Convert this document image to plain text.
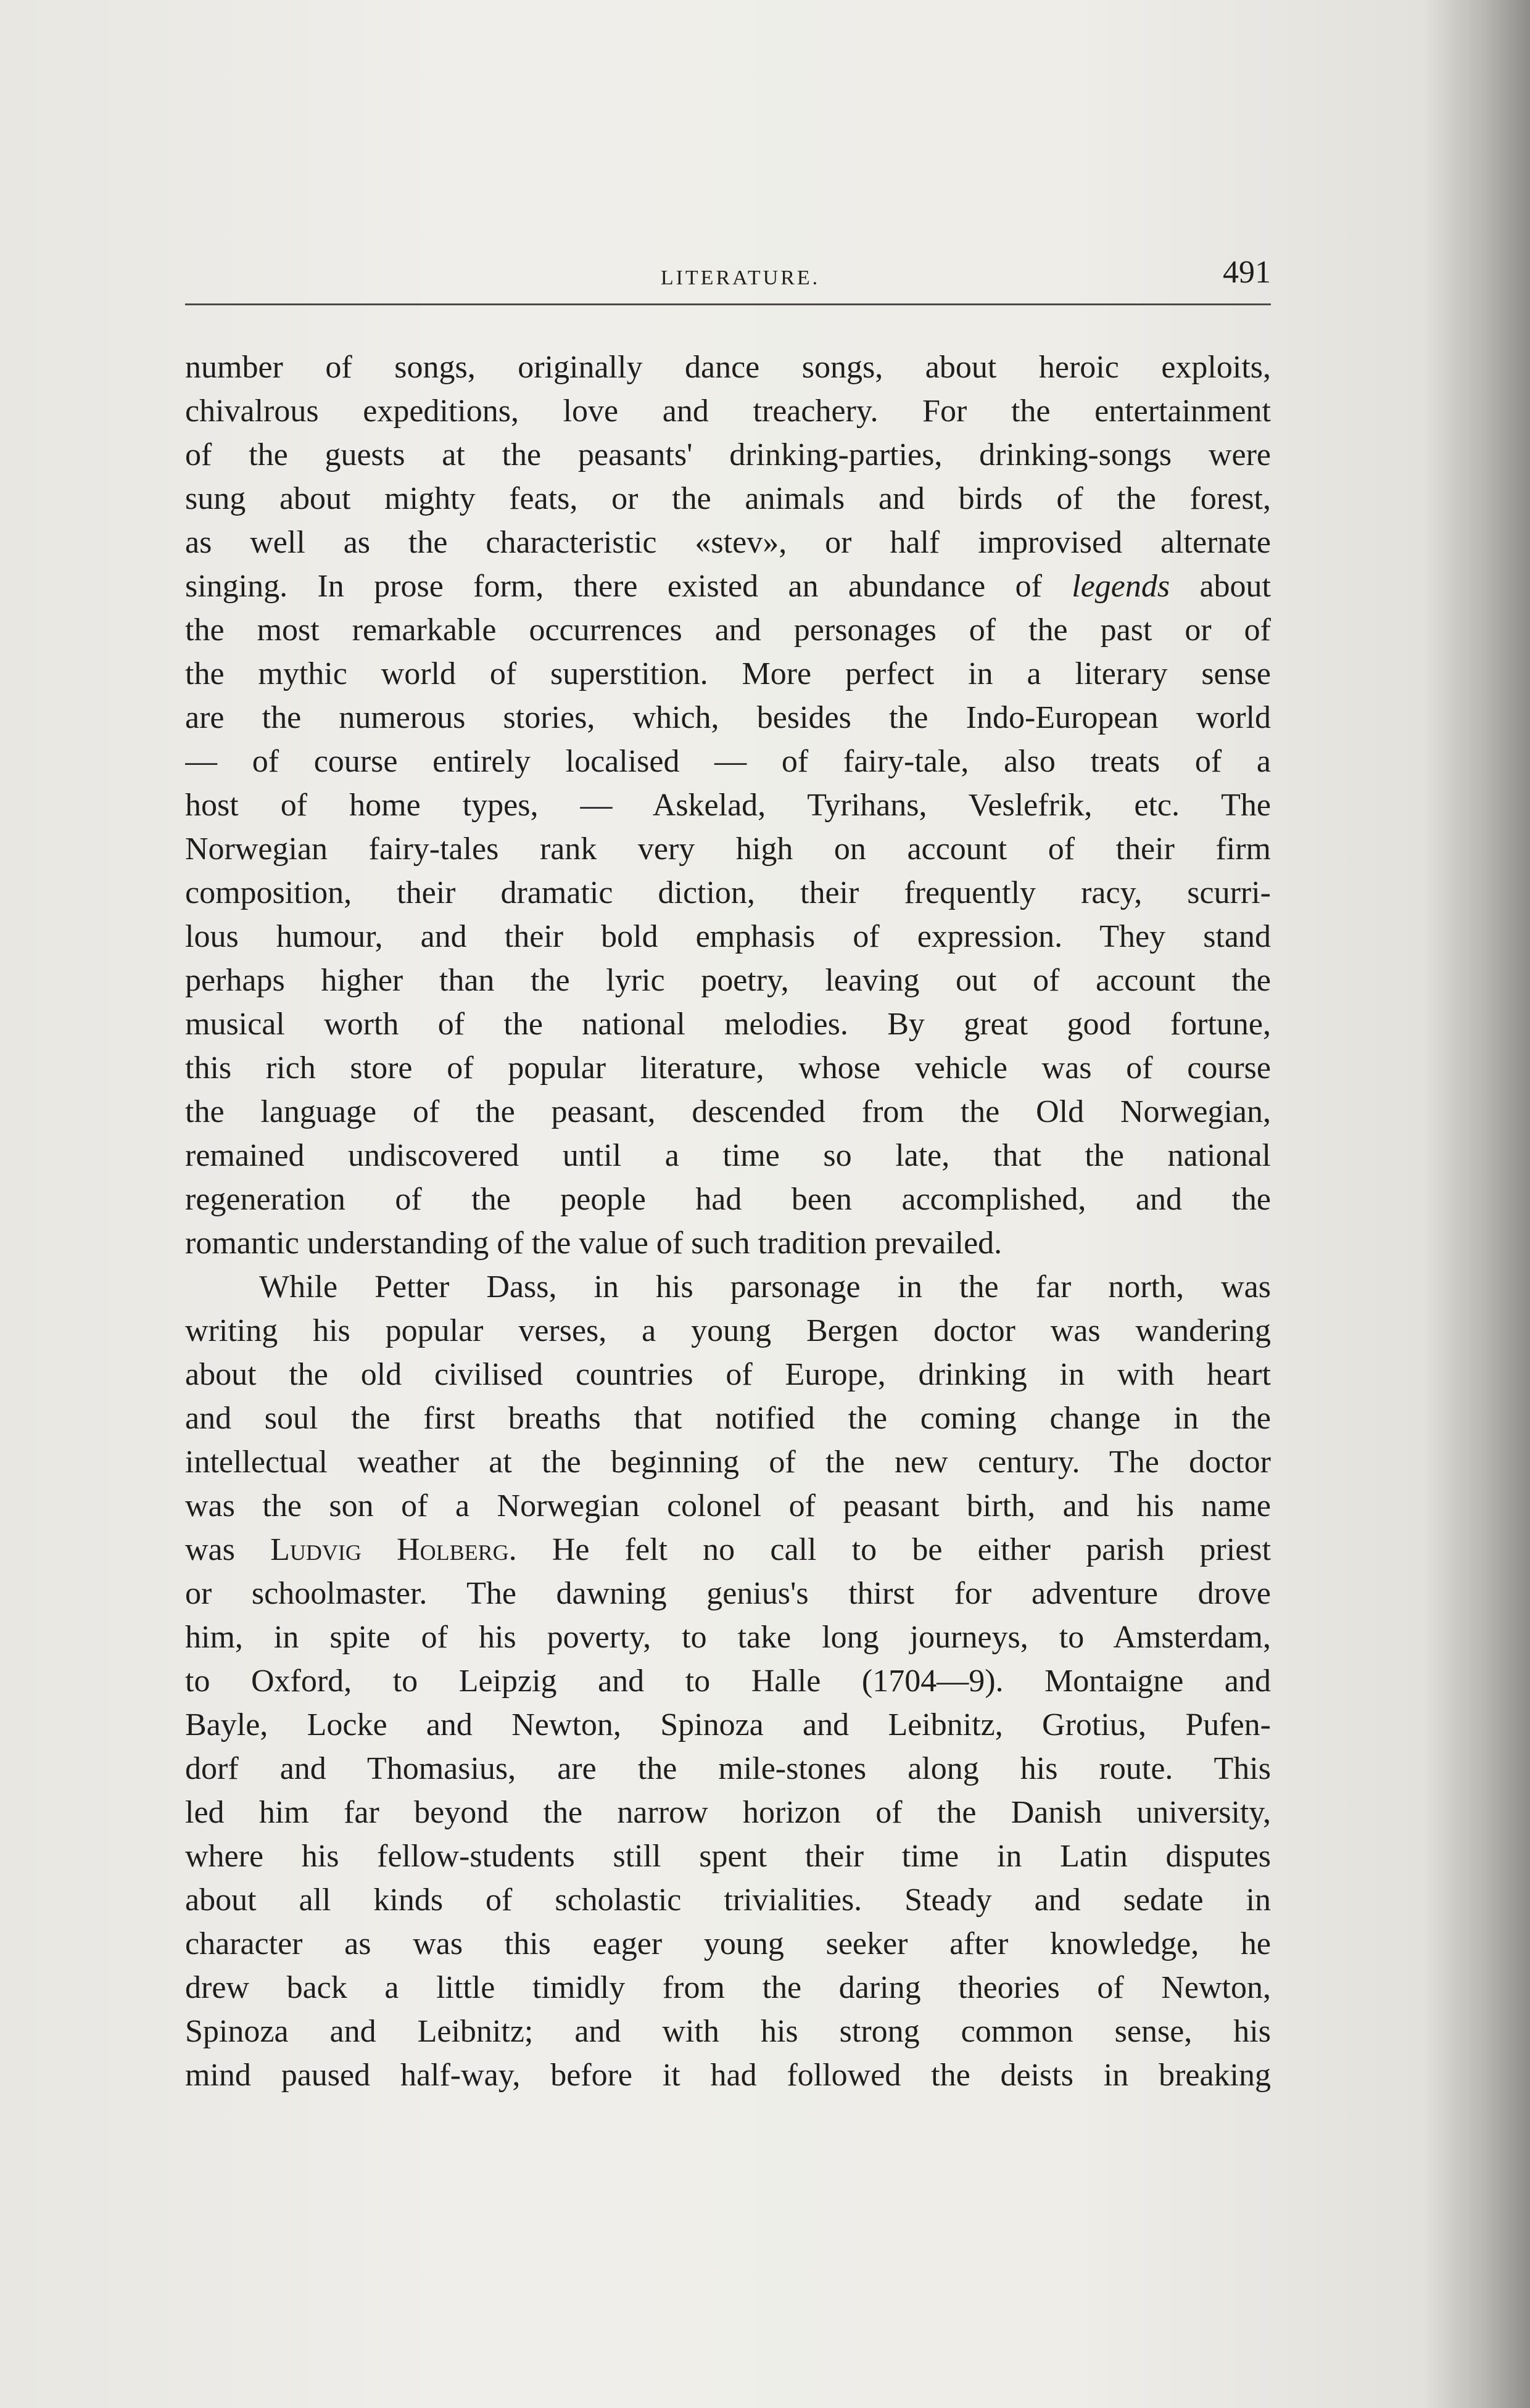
LITERATURE.	491
number of songs, originally dance songs, about heroic exploits,
chivalrous expeditions, love and treachery. For the entertainment
of the guests at the peasants' drinking-parties, drinking-songs were
sung about mighty feats, or the animals and birds of the forest,
as well as the characteristic «stev», or half improvised alternate
singing. In prose form, there existed an abundance of legends about
the most remarkable occurrences and personages of the past or of
the mythic world of superstition. More perfect in a literary sense
are the numerous stories, which, besides the Indo-European world
— of course entirely localised — of fairy-tale, also treats of a
host of home types, — Askelad, Tyrihans, Veslefrik, etc. The
Norwegian fairy-tales rank very high on account of their firm
composition, their dramatic diction, their frequently racy, scurri-
lous humour, and their bold emphasis of expression. They stand
perhaps higher than the lyric poetry, leaving out of account the
musical worth of the national melodies. By great good fortune,
this rich store of popular literature, whose vehicle was of course
the language of the peasant, descended from the Old Norwegian,
remained undiscovered until a time so late, that the national
regeneration of the people had been accomplished, and the
romantic understanding of the value of such tradition prevailed.
While Petter Dass, in his parsonage in the far north, was
writing his popular verses, a young Bergen doctor was wandering
about the old civilised countries of Europe, drinking in with heart
and soul the first breaths that notified the coming change in the
intellectual weather at the beginning of the new century. The doctor
was the son of a Norwegian colonel of peasant birth, and his name
was Ludvig Holberg. He felt no call to be either parish priest
or schoolmaster. The dawning genius's thirst for adventure drove
him, in spite of his poverty, to take long journeys, to Amsterdam,
to Oxford, to Leipzig and to Halle (1704—9). Montaigne and
Bayle, Locke and Newton, Spinoza and Leibnitz, Grotius, Pufen-
dorf and Thomasius, are the mile-stones along his route. This
led him far beyond the narrow horizon of the Danish university,
where his fellow-students still spent their time in Latin disputes
about all kinds of scholastic trivialities. Steady and sedate in
character as was this eager young seeker after knowledge, he
drew back a little timidly from the daring theories of Newton,
Spinoza and Leibnitz; and with his strong common sense, his
mind paused half-way, before it had followed the deists in breaking
